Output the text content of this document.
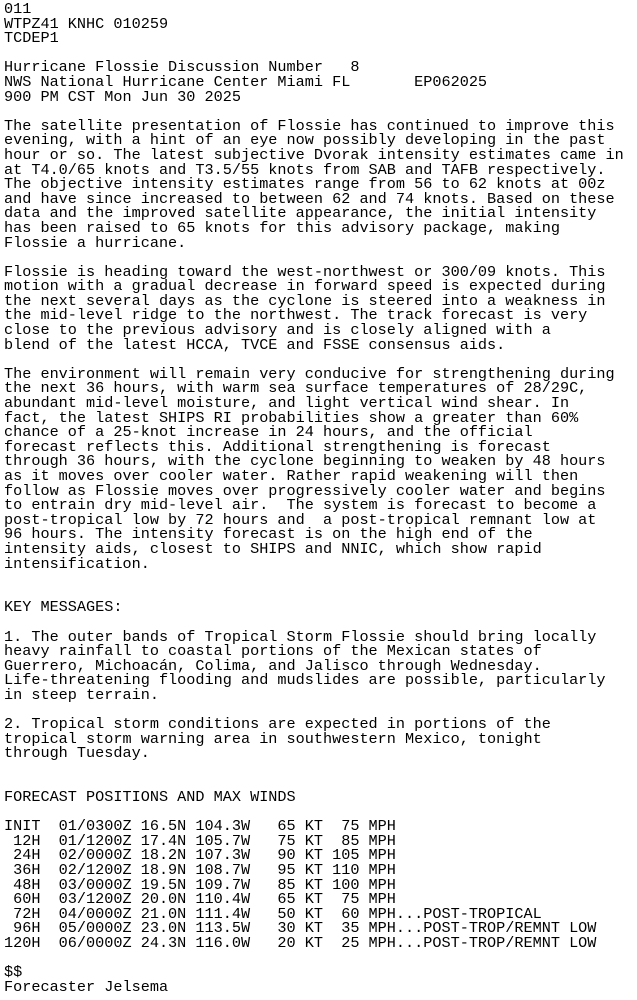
011
WTPZ41 KNHC 010259
TCDEP1

Hurricane Flossie Discussion Number   8
NWS National Hurricane Center Miami FL       EP062025
900 PM CST Mon Jun 30 2025

The satellite presentation of Flossie has continued to improve this
evening, with a hint of an eye now possibly developing in the past
hour or so. The latest subjective Dvorak intensity estimates came in
at T4.0/65 knots and T3.5/55 knots from SAB and TAFB respectively.
The objective intensity estimates range from 56 to 62 knots at 00z
and have since increased to between 62 and 74 knots. Based on these
data and the improved satellite appearance, the initial intensity
has been raised to 65 knots for this advisory package, making
Flossie a hurricane.

Flossie is heading toward the west-northwest or 300/09 knots. This
motion with a gradual decrease in forward speed is expected during
the next several days as the cyclone is steered into a weakness in
the mid-level ridge to the northwest. The track forecast is very
close to the previous advisory and is closely aligned with a
blend of the latest HCCA, TVCE and FSSE consensus aids.

The environment will remain very conducive for strengthening during
the next 36 hours, with warm sea surface temperatures of 28/29C,
abundant mid-level moisture, and light vertical wind shear. In
fact, the latest SHIPS RI probabilities show a greater than 60%
chance of a 25-knot increase in 24 hours, and the official
forecast reflects this. Additional strengthening is forecast
through 36 hours, with the cyclone beginning to weaken by 48 hours
as it moves over cooler water. Rather rapid weakening will then
follow as Flossie moves over progressively cooler water and begins
to entrain dry mid-level air.  The system is forecast to become a
post-tropical low by 72 hours and  a post-tropical remnant low at
96 hours. The intensity forecast is on the high end of the
intensity aids, closest to SHIPS and NNIC, which show rapid
intensification.

KEY MESSAGES:

1. The outer bands of Tropical Storm Flossie should bring locally
heavy rainfall to coastal portions of the Mexican states of
Guerrero, Michoacán, Colima, and Jalisco through Wednesday.
Life-threatening flooding and mudslides are possible, particularly
in steep terrain.

2. Tropical storm conditions are expected in portions of the
tropical storm warning area in southwestern Mexico, tonight
through Tuesday.

FORECAST POSITIONS AND MAX WINDS

INIT  01/0300Z 16.5N 104.3W   65 KT  75 MPH
12H  01/1200Z 17.4N 105.7W   75 KT  85 MPH
24H  02/0000Z 18.2N 107.3W   90 KT 105 MPH
36H  02/1200Z 18.9N 108.7W   95 KT 110 MPH
48H  03/0000Z 19.5N 109.7W   85 KT 100 MPH
60H  03/1200Z 20.0N 110.4W   65 KT  75 MPH
72H  04/0000Z 21.0N 111.4W   50 KT  60 MPH...POST-TROPICAL
96H  05/0000Z 23.0N 113.5W   30 KT  35 MPH...POST-TROP/REMNT LOW
120H  06/0000Z 24.3N 116.0W   20 KT  25 MPH...POST-TROP/REMNT LOW

$$
Forecaster Jelsema
